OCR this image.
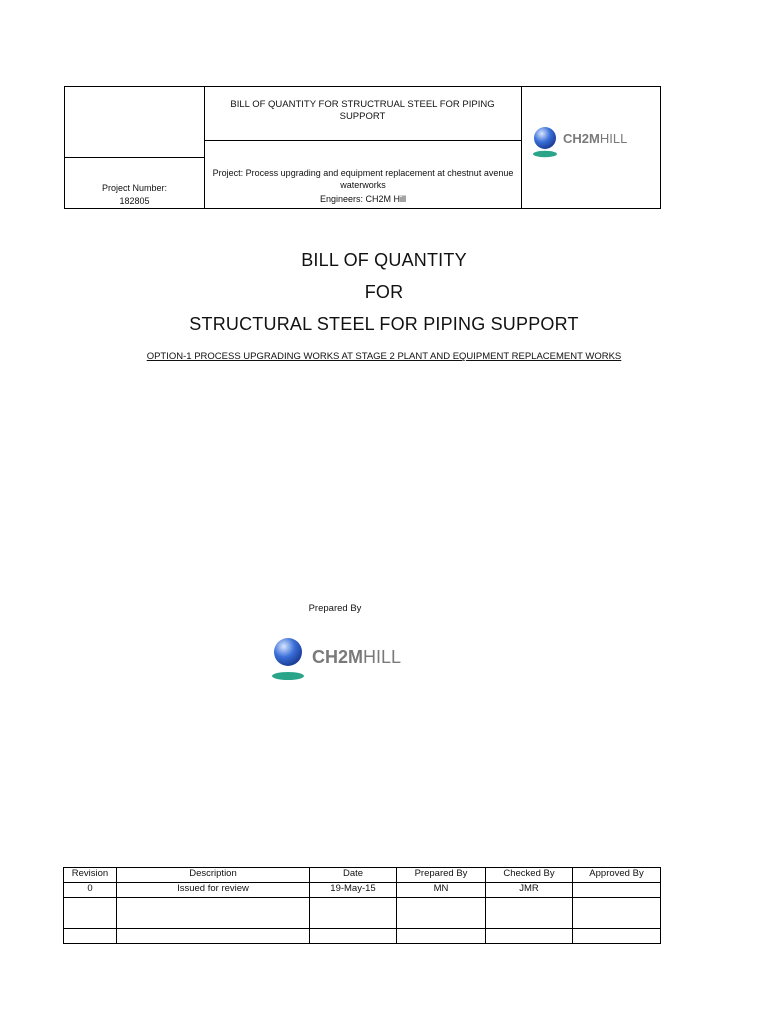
BILL OF QUANTITY FOR STRUCTRUAL STEEL FOR PIPING SUPPORT
Project Number:
182805
Project: Process upgrading and equipment replacement at chestnut avenue waterworks
Engineers: CH2M Hill
CH2MHILL
BILL OF QUANTITY
FOR
STRUCTURAL STEEL FOR PIPING SUPPORT
OPTION-1 PROCESS UPGRADING WORKS AT STAGE 2 PLANT AND EQUIPMENT REPLACEMENT WORKS
Prepared By
CH2MHILL
Revision	Description	Date	Prepared By	Checked By	Approved By
0	Issued for review	19-May-15	MN	JMR	
